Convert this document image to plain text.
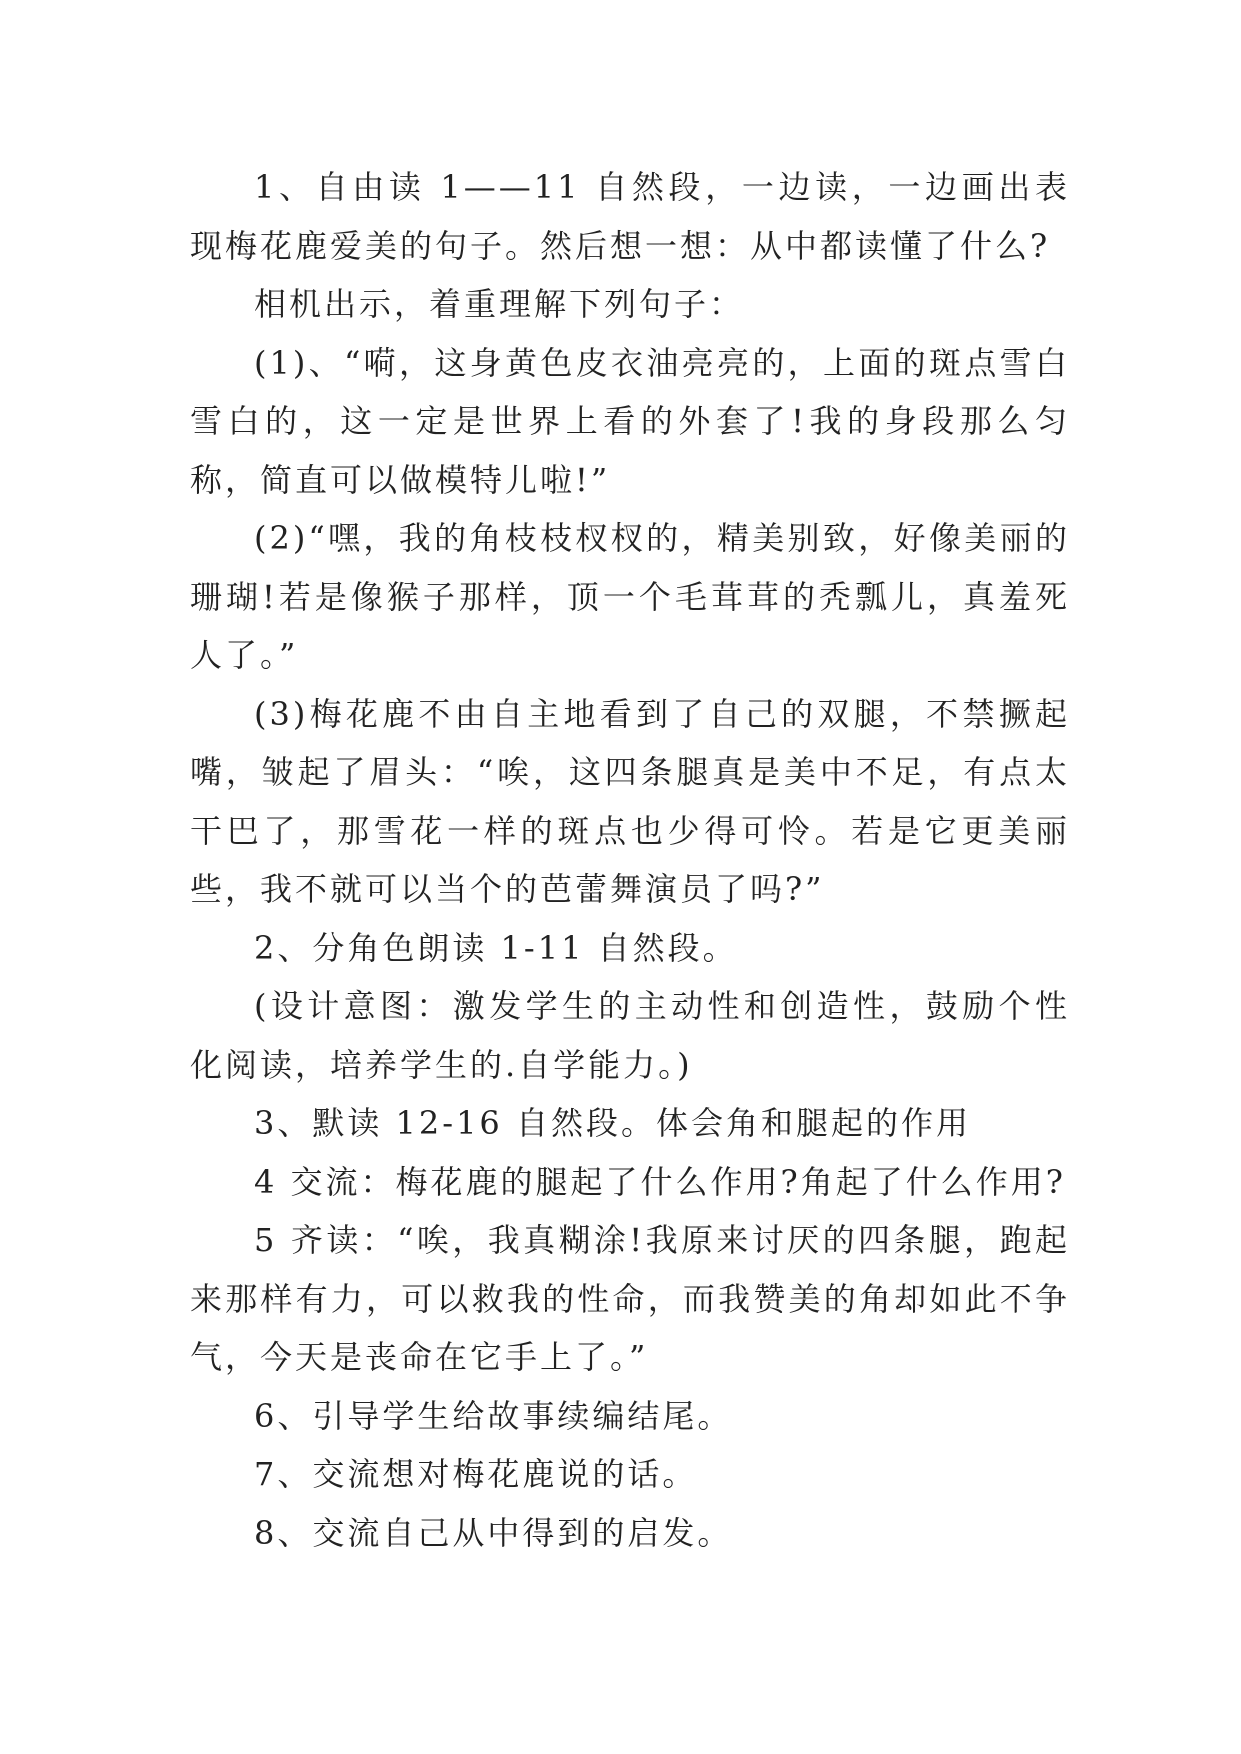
1、自由读 1——11 自然段，一边读，一边画出表现梅花鹿爱美的句子。然后想一想：从中都读懂了什么?

相机出示，着重理解下列句子：

(1)、“嗬，这身黄色皮衣油亮亮的，上面的斑点雪白雪白的，这一定是世界上看的外套了!我的身段那么匀称，简直可以做模特儿啦!”

(2)“嘿，我的角枝枝杈杈的，精美别致，好像美丽的珊瑚!若是像猴子那样，顶一个毛茸茸的秃瓢儿，真羞死人了。”

(3)梅花鹿不由自主地看到了自己的双腿，不禁撅起嘴，皱起了眉头：“唉，这四条腿真是美中不足，有点太干巴了，那雪花一样的斑点也少得可怜。若是它更美丽些，我不就可以当个的芭蕾舞演员了吗?”

2、分角色朗读 1-11 自然段。

(设计意图：激发学生的主动性和创造性，鼓励个性化阅读，培养学生的.自学能力。)

3、默读 12-16 自然段。体会角和腿起的作用

4 交流：梅花鹿的腿起了什么作用?角起了什么作用?

5 齐读：“唉，我真糊涂!我原来讨厌的四条腿，跑起来那样有力，可以救我的性命，而我赞美的角却如此不争气，今天是丧命在它手上了。”

6、引导学生给故事续编结尾。

7、交流想对梅花鹿说的话。

8、交流自己从中得到的启发。
